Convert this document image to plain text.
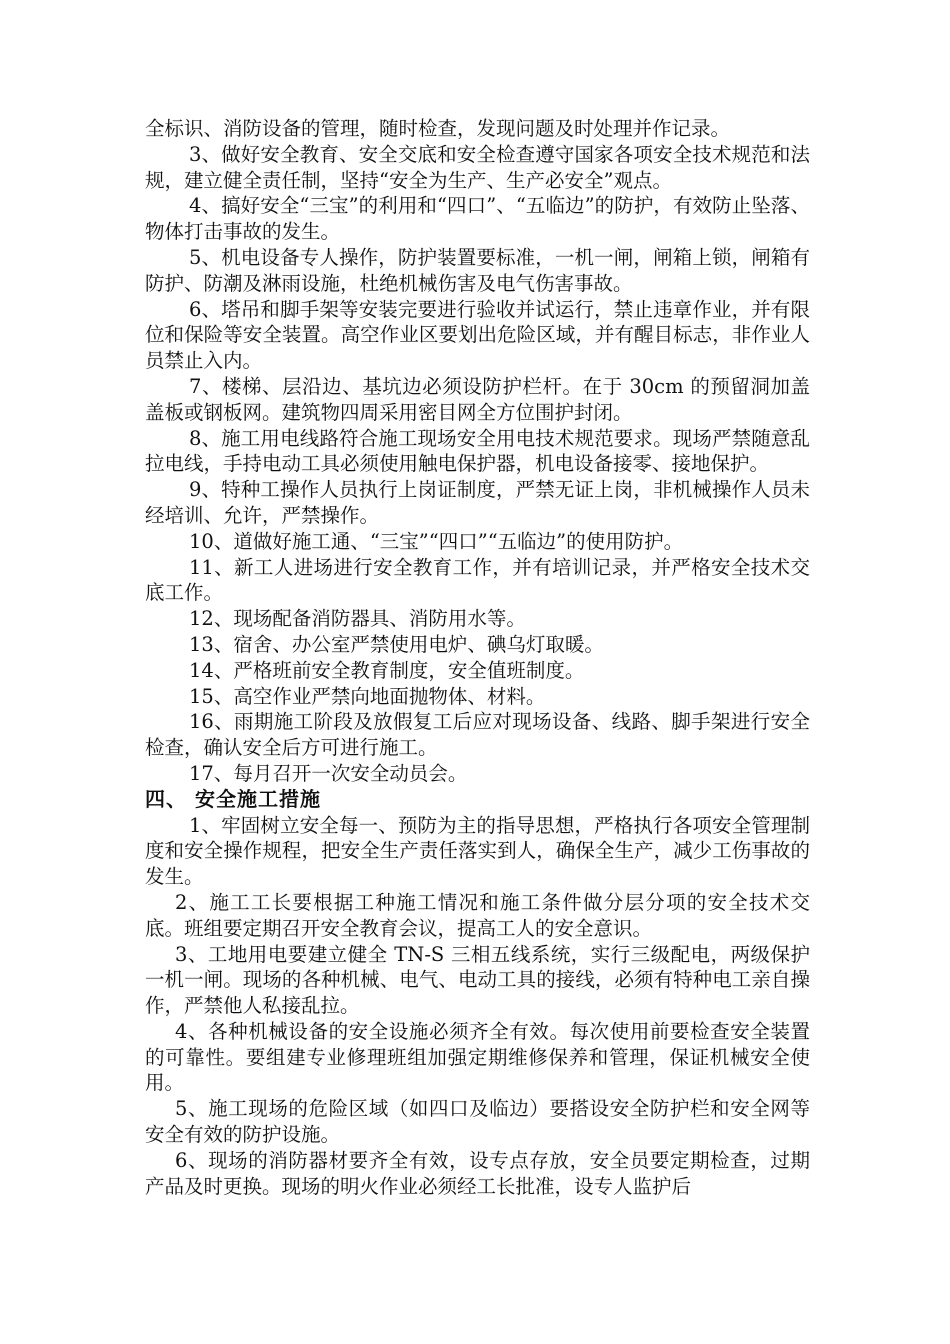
全标识、消防设备的管理，随时检查，发现问题及时处理并作记录。

3、做好安全教育、安全交底和安全检查遵守国家各项安全技术规范和法规，建立健全责任制，坚持“安全为生产、生产必安全”观点。

4、搞好安全“三宝”的利用和“四口”、“五临边”的防护，有效防止坠落、物体打击事故的发生。

5、机电设备专人操作，防护装置要标准，一机一闸，闸箱上锁，闸箱有防护、防潮及淋雨设施，杜绝机械伤害及电气伤害事故。

6、塔吊和脚手架等安装完要进行验收并试运行，禁止违章作业，并有限位和保险等安全装置。高空作业区要划出危险区域，并有醒目标志，非作业人员禁止入内。

7、楼梯、层沿边、基坑边必须设防护栏杆。在于 30cm 的预留洞加盖盖板或钢板网。建筑物四周采用密目网全方位围护封闭。

8、施工用电线路符合施工现场安全用电技术规范要求。现场严禁随意乱拉电线，手持电动工具必须使用触电保护器，机电设备接零、接地保护。

9、特种工操作人员执行上岗证制度，严禁无证上岗，非机械操作人员未经培训、允许，严禁操作。

10、道做好施工通、“三宝”“四口”“五临边”的使用防护。

11、新工人进场进行安全教育工作，并有培训记录，并严格安全技术交底工作。

12、现场配备消防器具、消防用水等。

13、宿舍、办公室严禁使用电炉、碘乌灯取暖。

14、严格班前安全教育制度，安全值班制度。

15、高空作业严禁向地面抛物体、材料。

16、雨期施工阶段及放假复工后应对现场设备、线路、脚手架进行安全检查，确认安全后方可进行施工。

17、每月召开一次安全动员会。

四、 安全施工措施

1、牢固树立安全每一、预防为主的指导思想，严格执行各项安全管理制度和安全操作规程，把安全生产责任落实到人，确保全生产，减少工伤事故的发生。

2、施工工长要根据工种施工情况和施工条件做分层分项的安全技术交底。班组要定期召开安全教育会议，提高工人的安全意识。

3、工地用电要建立健全 TN-S 三相五线系统，实行三级配电，两级保护一机一闸。现场的各种机械、电气、电动工具的接线，必须有特种电工亲自操作，严禁他人私接乱拉。

4、各种机械设备的安全设施必须齐全有效。每次使用前要检查安全装置的可靠性。要组建专业修理班组加强定期维修保养和管理，保证机械安全使用。

5、施工现场的危险区域（如四口及临边）要搭设安全防护栏和安全网等安全有效的防护设施。

6、现场的消防器材要齐全有效，设专点存放，安全员要定期检查，过期产品及时更换。现场的明火作业必须经工长批准，设专人监护后
